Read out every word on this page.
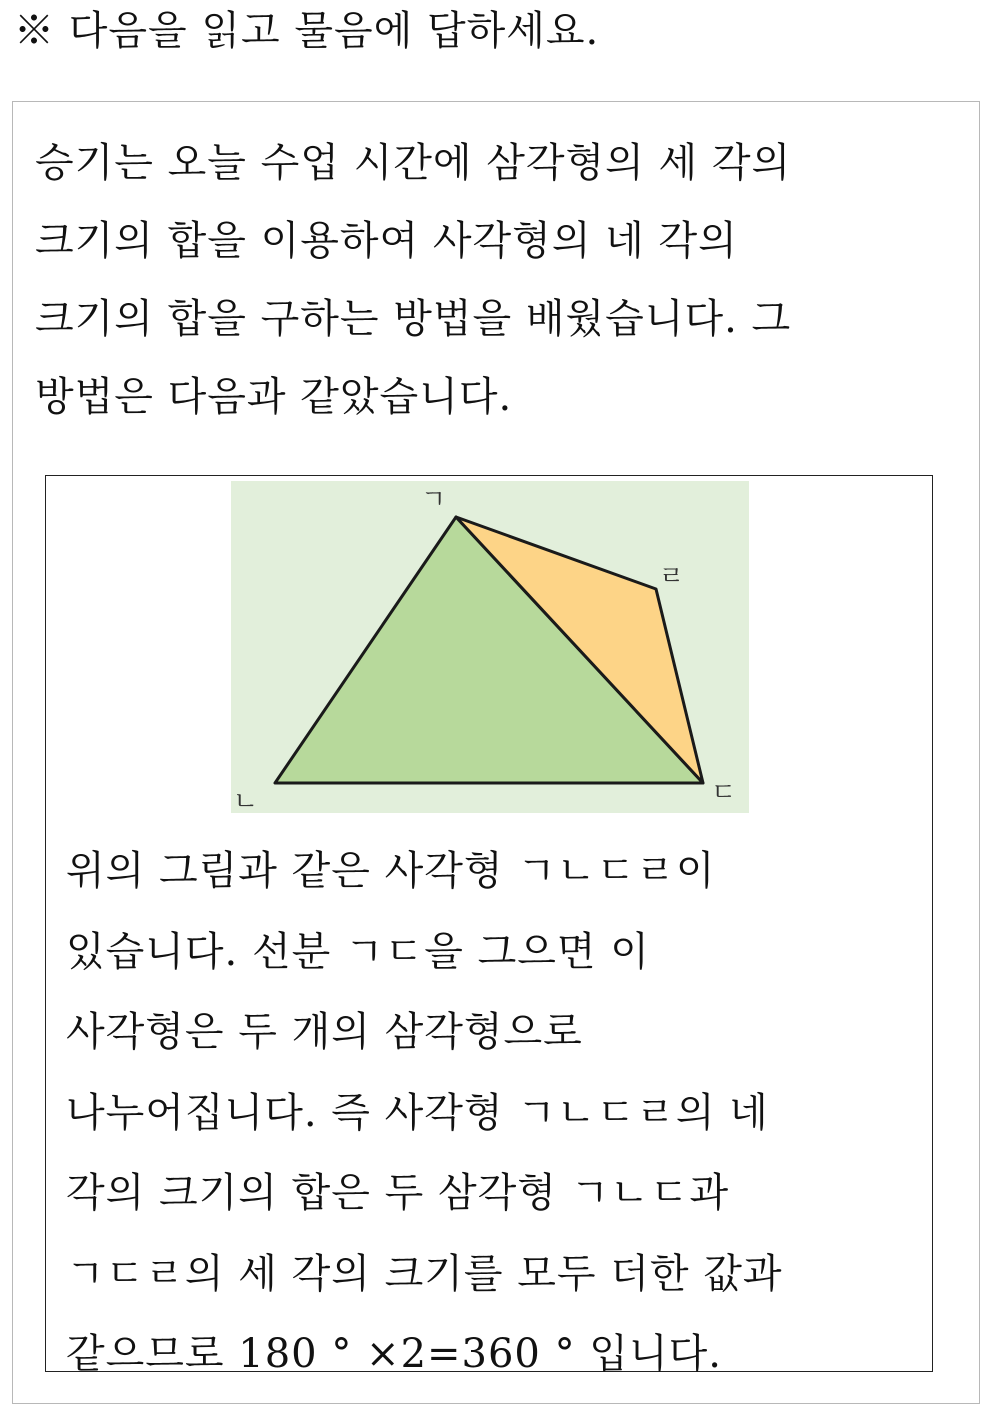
※ 다음을 읽고 물음에 답하세요.
승기는 오늘 수업 시간에 삼각형의 세 각의
크기의 합을 이용하여 사각형의 네 각의
크기의 합을 구하는 방법을 배웠습니다. 그
방법은 다음과 같았습니다.
ㄱ
ㄴ	ㄷ
ㄹ
위의 그림과 같은 사각형 ㄱㄴㄷㄹ이
있습니다. 선분 ㄱㄷ을 그으면 이
사각형은 두 개의 삼각형으로
나누어집니다. 즉 사각형 ㄱㄴㄷㄹ의 네
각의 크기의 합은 두 삼각형 ㄱㄴㄷ과
ㄱㄷㄹ의 세 각의 크기를 모두 더한 값과
같으므로 180 ° ×2=360 ° 입니다.
